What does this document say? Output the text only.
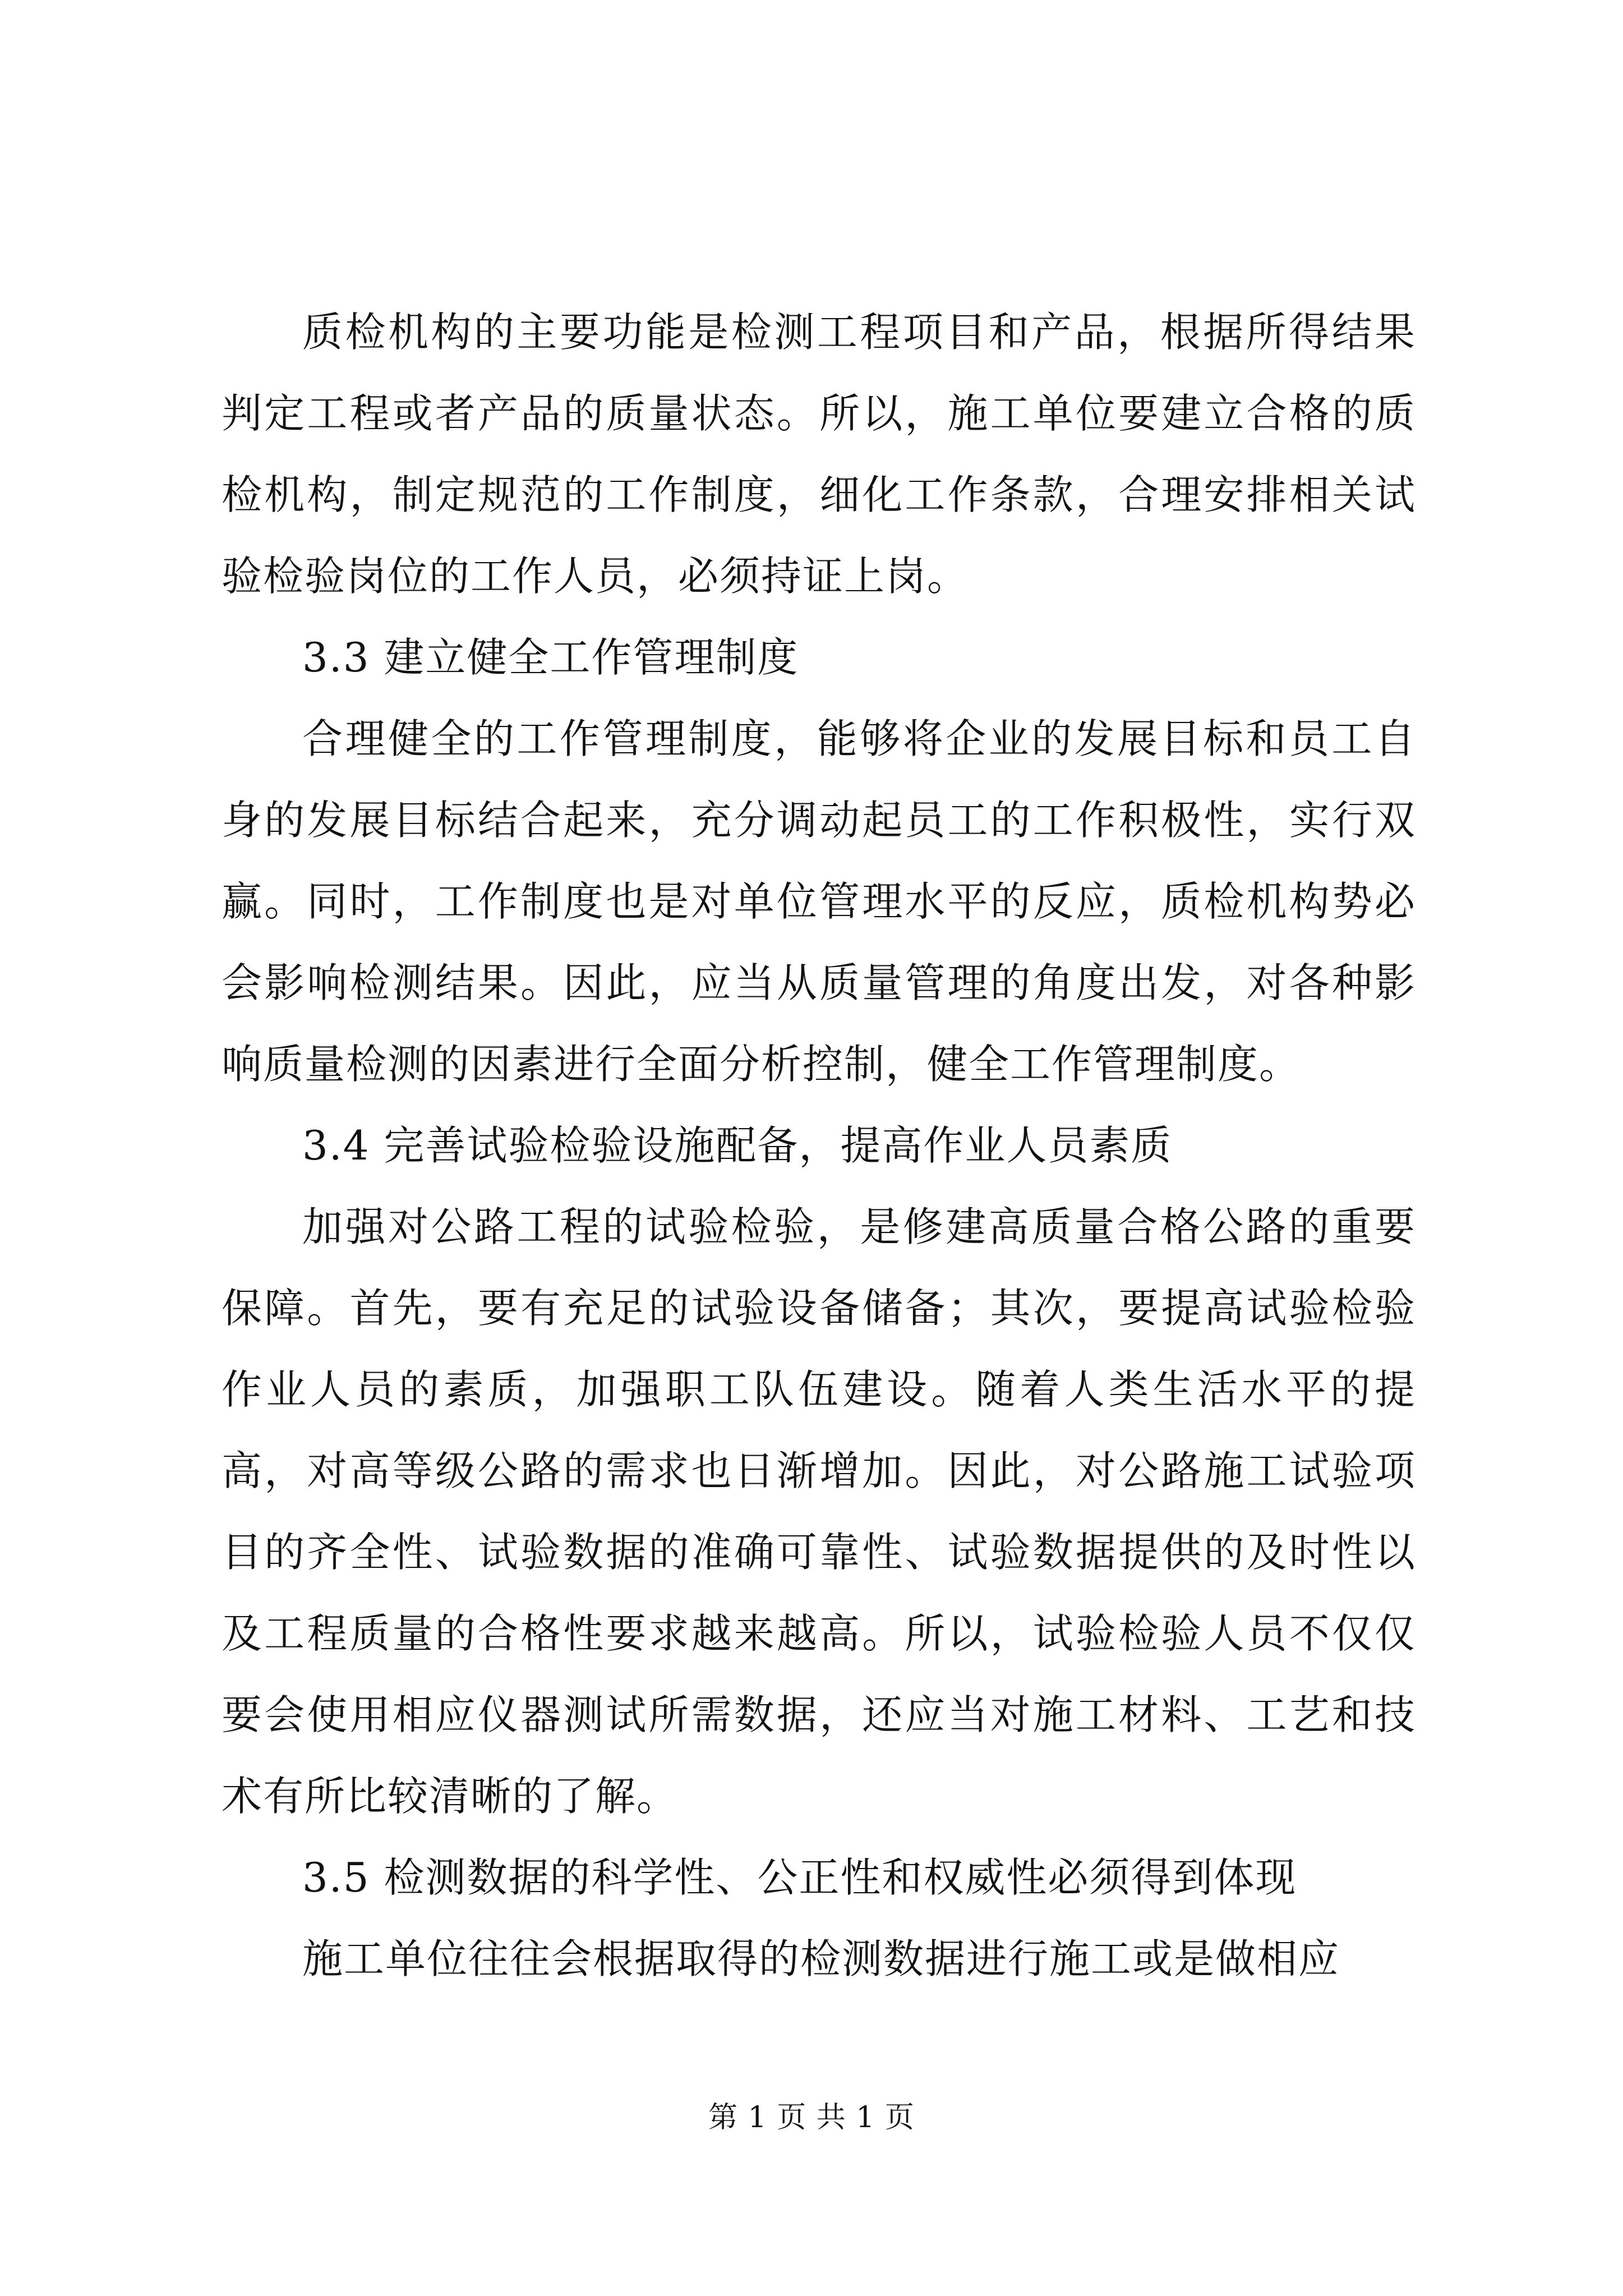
质检机构的主要功能是检测工程项目和产品，根据所得结果判定工程或者产品的质量状态。所以，施工单位要建立合格的质检机构，制定规范的工作制度，细化工作条款，合理安排相关试验检验岗位的工作人员，必须持证上岗。

3.3 建立健全工作管理制度

合理健全的工作管理制度，能够将企业的发展目标和员工自身的发展目标结合起来，充分调动起员工的工作积极性，实行双赢。同时，工作制度也是对单位管理水平的反应，质检机构势必会影响检测结果。因此，应当从质量管理的角度出发，对各种影响质量检测的因素进行全面分析控制，健全工作管理制度。

3.4 完善试验检验设施配备，提高作业人员素质

加强对公路工程的试验检验，是修建高质量合格公路的重要保障。首先，要有充足的试验设备储备；其次，要提高试验检验作业人员的素质，加强职工队伍建设。随着人类生活水平的提高，对高等级公路的需求也日渐增加。因此，对公路施工试验项目的齐全性、试验数据的准确可靠性、试验数据提供的及时性以及工程质量的合格性要求越来越高。所以，试验检验人员不仅仅要会使用相应仪器测试所需数据，还应当对施工材料、工艺和技术有所比较清晰的了解。

3.5 检测数据的科学性、公正性和权威性必须得到体现

施工单位往往会根据取得的检测数据进行施工或是做相应

第 1 页 共 1 页
